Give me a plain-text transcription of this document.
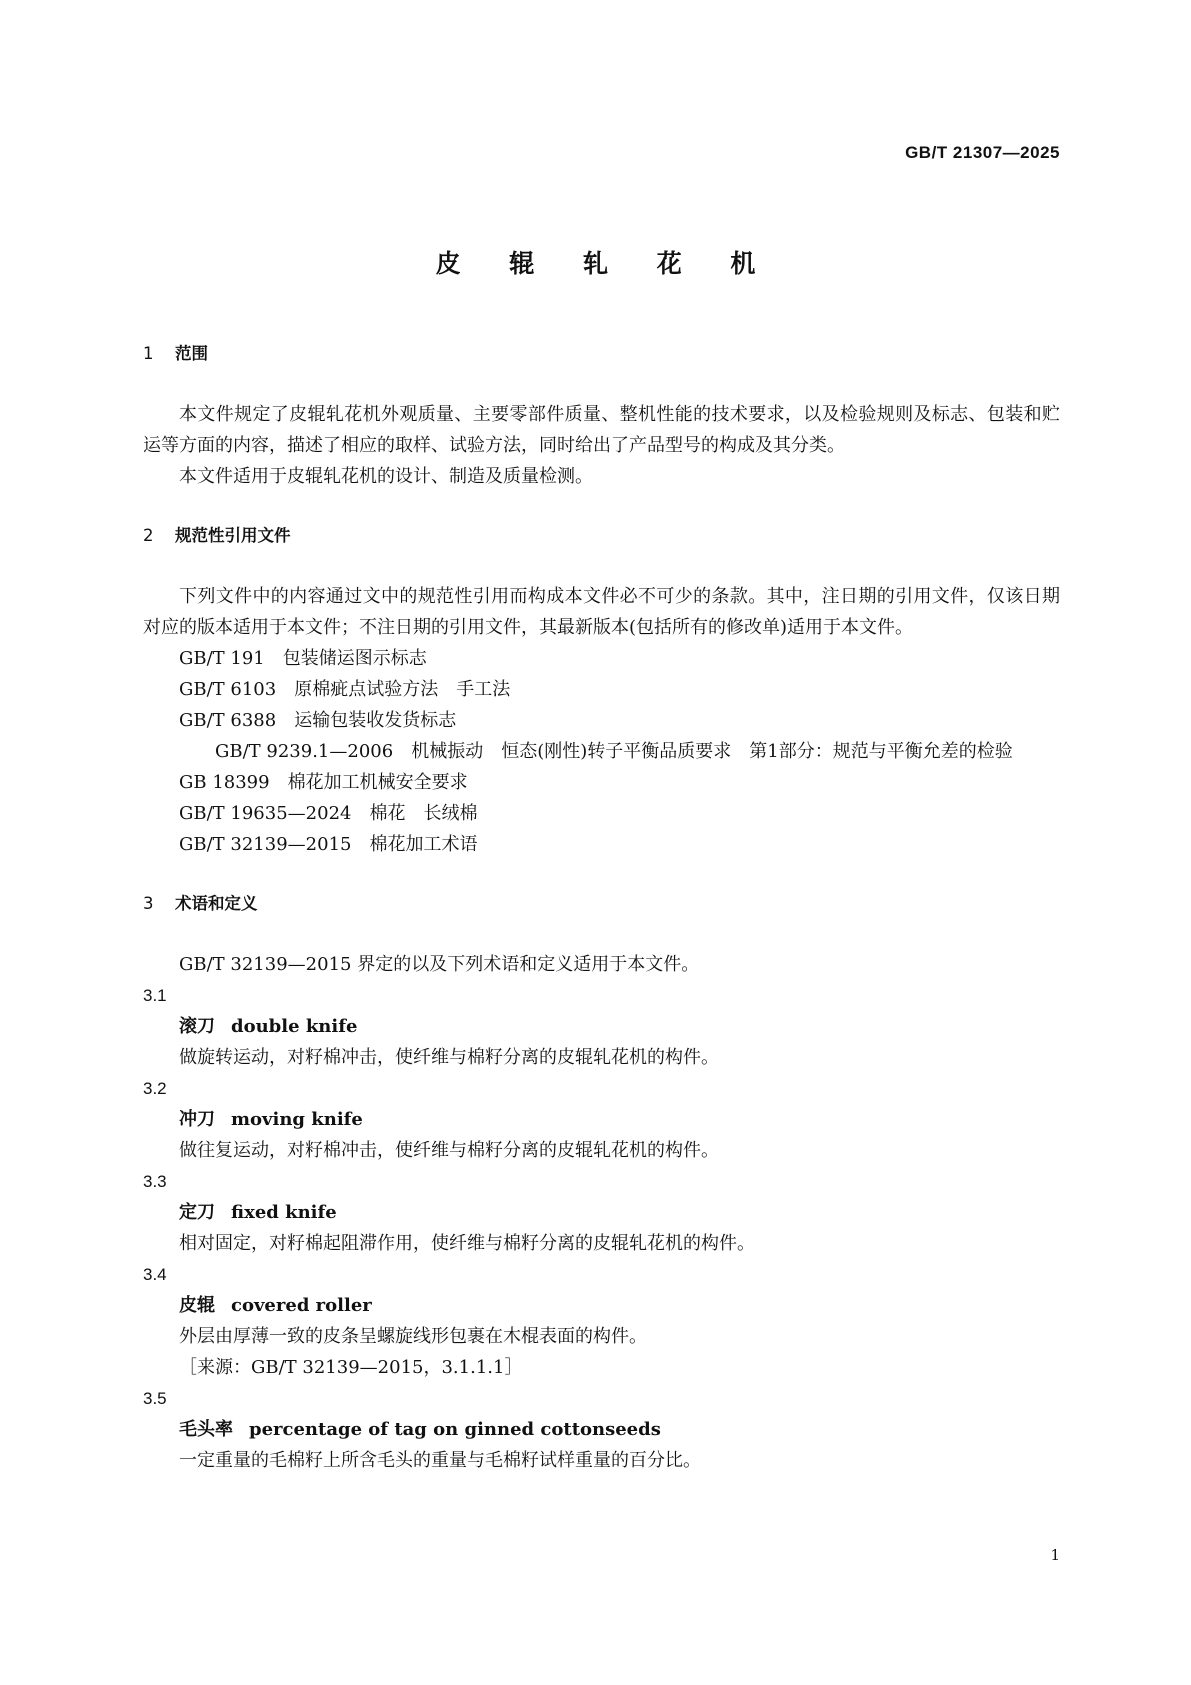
GB/T 21307—2025
皮 辊 轧 花 机
1 范围

本文件规定了皮辊轧花机外观质量、主要零部件质量、整机性能的技术要求，以及检验规则及标志、包装和贮运等方面的内容，描述了相应的取样、试验方法，同时给出了产品型号的构成及其分类。

本文件适用于皮辊轧花机的设计、制造及质量检测。

2 规范性引用文件

下列文件中的内容通过文中的规范性引用而构成本文件必不可少的条款。其中，注日期的引用文件，仅该日期对应的版本适用于本文件；不注日期的引用文件，其最新版本(包括所有的修改单)适用于本文件。

GB/T 191　 包装储运图示标志
GB/T 6103　 原棉疵点试验方法　手工法
GB/T 6388　 运输包装收发货标志
GB/T 9239.1—2006　 机械振动　恒态(刚性)转子平衡品质要求　第1部分：规范与平衡允差的检验
GB 18399　 棉花加工机械安全要求
GB/T 19635—2024　 棉花　长绒棉
GB/T 32139—2015　 棉花加工术语
3 术语和定义

GB/T 32139—2015 界定的以及下列术语和定义适用于本文件。

3.1
滚刀 double knife
做旋转运动，对籽棉冲击，使纤维与棉籽分离的皮辊轧花机的构件。
3.2
冲刀 moving knife
做往复运动，对籽棉冲击，使纤维与棉籽分离的皮辊轧花机的构件。
3.3
定刀 fixed knife
相对固定，对籽棉起阻滞作用，使纤维与棉籽分离的皮辊轧花机的构件。
3.4
皮辊 covered roller
外层由厚薄一致的皮条呈螺旋线形包裹在木棍表面的构件。
［来源：GB/T 32139—2015，3.1.1.1］
3.5
毛头率 percentage of tag on ginned cottonseeds
一定重量的毛棉籽上所含毛头的重量与毛棉籽试样重量的百分比。
1
